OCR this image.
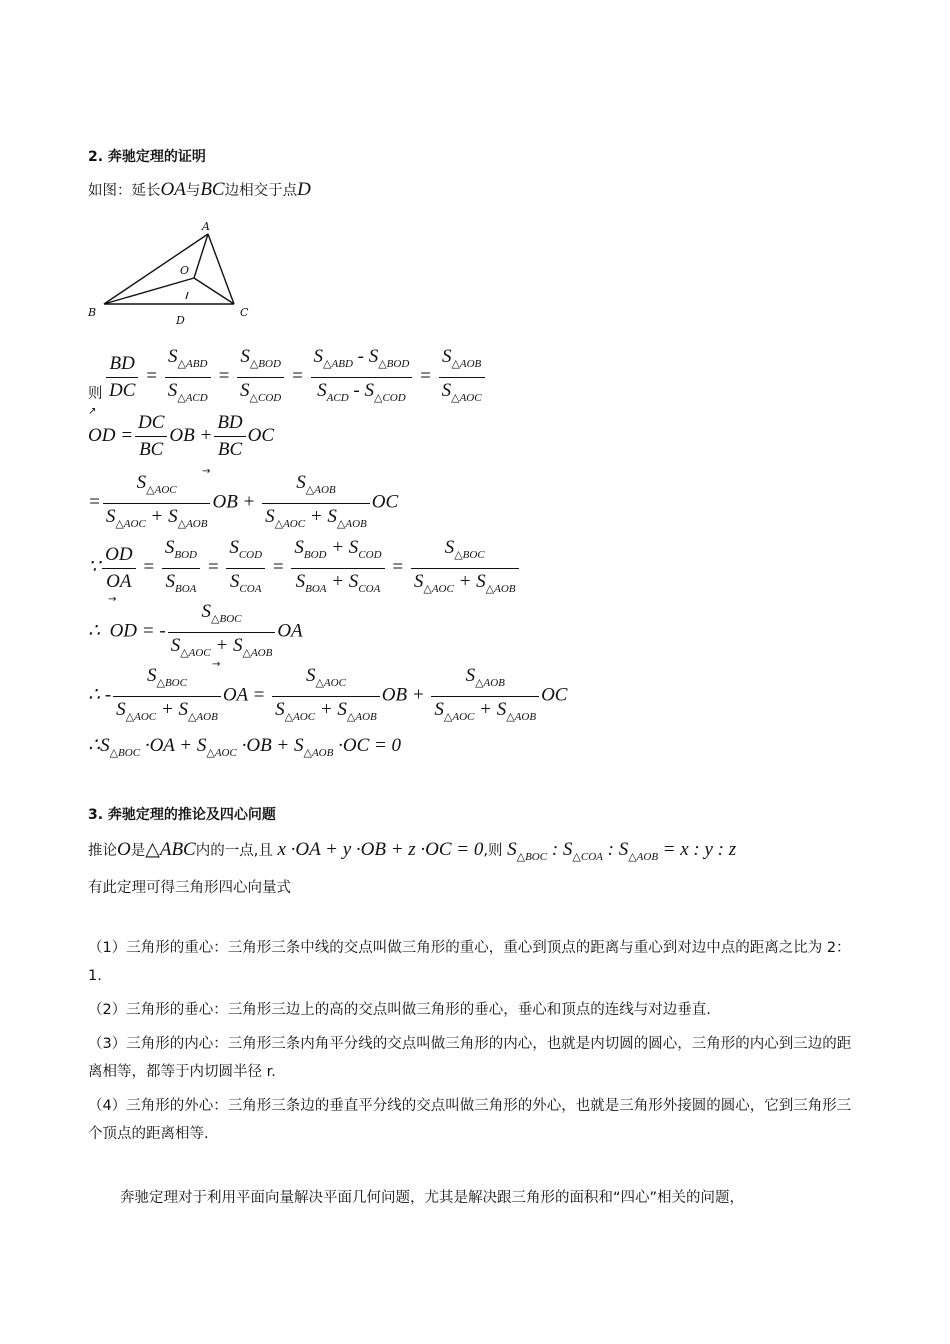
2. 奔驰定理的证明
如图：延长OA与BC边相交于点D
A
B	C
O
D
则 $\frac{BD}{DC} = \frac{S_{\triangle ABD}}{S_{\triangle ACD}} = \frac{S_{\triangle BOD}}{S_{\triangle COD}} = \frac{S_{\triangle ABD} - S_{\triangle BOD}}{S_{ACD} - S_{\triangle COD}} = \frac{S_{\triangle AOB}}{S_{\triangle AOC}}$
↗
OD = $\frac{DC}{BC}$ OB + $\frac{BD}{BC}$ OC
→
= $\frac{S_{\triangle AOC}}{S_{\triangle AOC} + S_{\triangle AOB}}$ OB + $\frac{S_{\triangle AOB}}{S_{\triangle AOC} + S_{\triangle AOB}}$ OC
∵ $\frac{OD}{OA} = \frac{S_{BOD}}{S_{BOA}} = \frac{S_{COD}}{S_{COA}} = \frac{S_{BOD} + S_{COD}}{S_{BOA} + S_{COA}} = \frac{S_{\triangle BOC}}{S_{\triangle AOC} + S_{\triangle AOB}}$
→
∴  OD = - $\frac{S_{\triangle BOC}}{S_{\triangle AOC} + S_{\triangle AOB}}$ OA
→
∴ - $\frac{S_{\triangle BOC}}{S_{\triangle AOC} + S_{\triangle AOB}}$ OA = $\frac{S_{\triangle AOC}}{S_{\triangle AOC} + S_{\triangle AOB}}$ OB + $\frac{S_{\triangle AOB}}{S_{\triangle AOC} + S_{\triangle AOB}}$ OC
$\therefore S_{\triangle BOC} \cdot OA + S_{\triangle AOC} \cdot OB + S_{\triangle AOB} \cdot OC = 0$
3. 奔驰定理的推论及四心问题
推论O是△ABC内的一点,且 x ·OA + y ·OB + z ·OC = 0,则 $S_{\triangle BOC}$ : $S_{\triangle COA}$ : $S_{\triangle AOB} = x$ : y : z
有此定理可得三角形四心向量式
（1）三角形的重心：三角形三条中线的交点叫做三角形的重心，重心到顶点的距离与重心到对边中点的距离之比为 2：1.
（2）三角形的垂心：三角形三边上的高的交点叫做三角形的垂心，垂心和顶点的连线与对边垂直.
（3）三角形的内心：三角形三条内角平分线的交点叫做三角形的内心，也就是内切圆的圆心，三角形的内心到三边的距离相等，都等于内切圆半径 r.
（4）三角形的外心：三角形三条边的垂直平分线的交点叫做三角形的外心，也就是三角形外接圆的圆心，它到三角形三个顶点的距离相等.
奔驰定理对于利用平面向量解决平面几何问题，尤其是解决跟三角形的面积和“四心”相关的问题，
